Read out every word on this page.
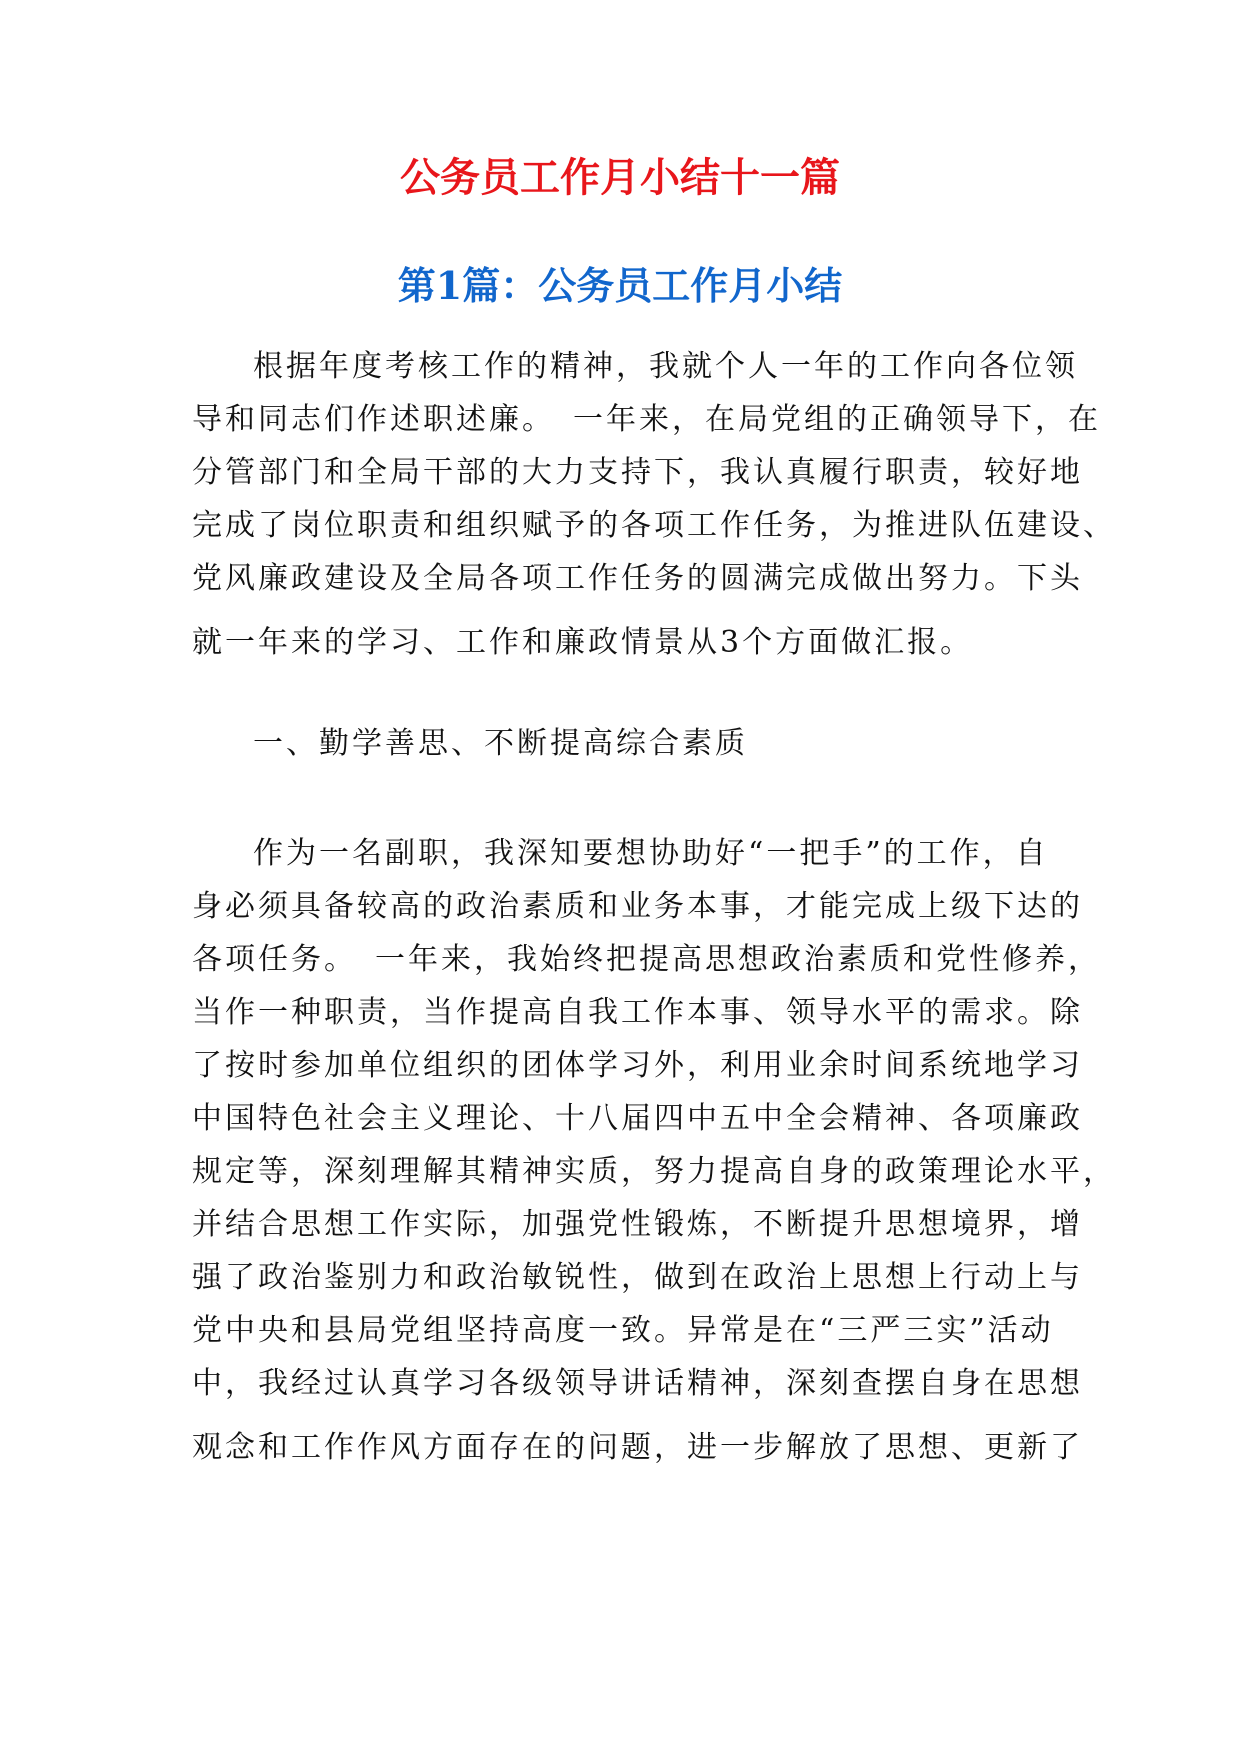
公务员工作月小结十一篇
第1篇：公务员工作月小结

根据年度考核工作的精神，我就个人一年的工作向各位领

导和同志们作述职述廉。　一年来，在局党组的正确领导下，在

分管部门和全局干部的大力支持下，我认真履行职责，较好地

完成了岗位职责和组织赋予的各项工作任务，为推进队伍建设、

党风廉政建设及全局各项工作任务的圆满完成做出努力。下头

就一年来的学习、工作和廉政情景从3个方面做汇报。

一、勤学善思、不断提高综合素质

作为一名副职，我深知要想协助好“一把手”的工作，自

身必须具备较高的政治素质和业务本事，才能完成上级下达的

各项任务。　一年来，我始终把提高思想政治素质和党性修养，

当作一种职责，当作提高自我工作本事、领导水平的需求。除

了按时参加单位组织的团体学习外，利用业余时间系统地学习

中国特色社会主义理论、十八届四中五中全会精神、各项廉政

规定等，深刻理解其精神实质，努力提高自身的政策理论水平，

并结合思想工作实际，加强党性锻炼，不断提升思想境界，增

强了政治鉴别力和政治敏锐性，做到在政治上思想上行动上与

党中央和县局党组坚持高度一致。异常是在“三严三实”活动

中，我经过认真学习各级领导讲话精神，深刻查摆自身在思想

观念和工作作风方面存在的问题，进一步解放了思想、更新了
